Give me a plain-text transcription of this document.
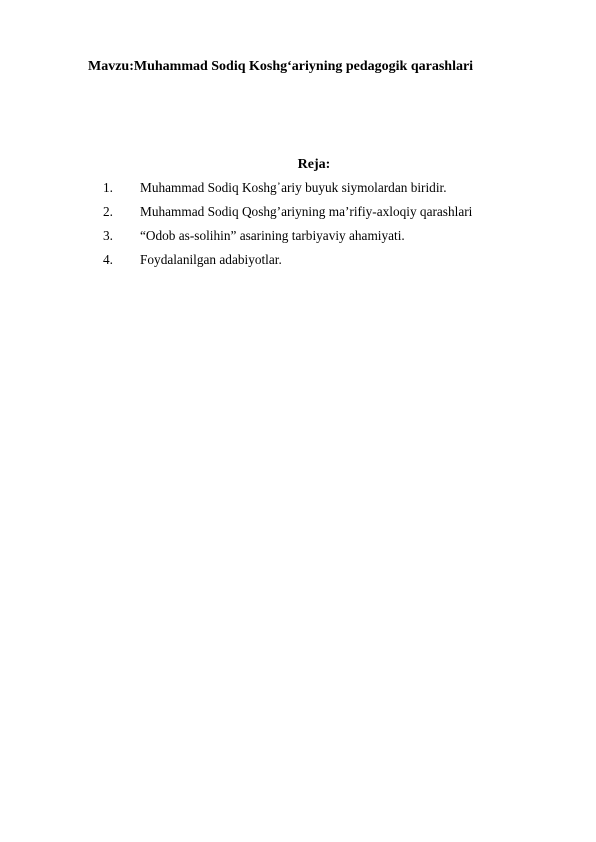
Mavzu:Muhammad Sodiq Koshg‘ariyning pedagogik qarashlari
Reja:
1.	Muhammad Sodiq Koshg᾽ariy buyuk siymolardan biridir.
2.	Muhammad Sodiq Qoshg’ariyning ma’rifiy-axloqiy qarashlari
3.	“Odob as-solihin” asarining tarbiyaviy ahamiyati.
4.	Foydalanilgan adabiyotlar.
